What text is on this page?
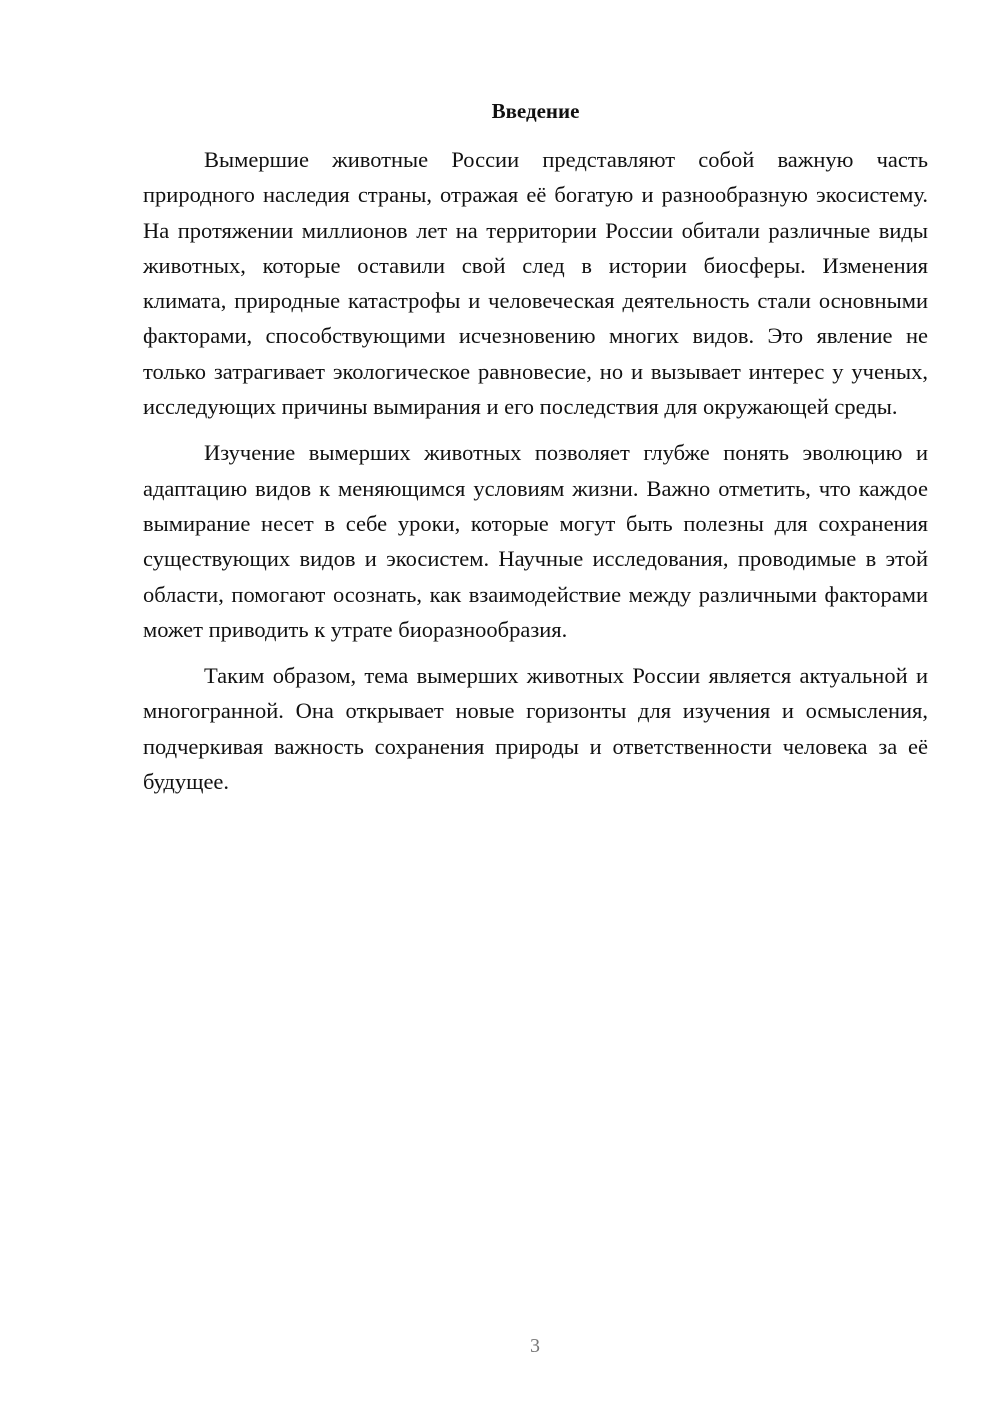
Введение

Вымершие животные России представляют собой важную часть природного наследия страны, отражая её богатую и разнообразную экосистему. На протяжении миллионов лет на территории России обитали различные виды животных, которые оставили свой след в истории биосферы. Изменения климата, природные катастрофы и человеческая деятельность стали основными факторами, способствующими исчезновению многих видов. Это явление не только затрагивает экологическое равновесие, но и вызывает интерес у ученых, исследующих причины вымирания и его последствия для окружающей среды.

Изучение вымерших животных позволяет глубже понять эволюцию и адаптацию видов к меняющимся условиям жизни. Важно отметить, что каждое вымирание несет в себе уроки, которые могут быть полезны для сохранения существующих видов и экосистем. Научные исследования, проводимые в этой области, помогают осознать, как взаимодействие между различными факторами может приводить к утрате биоразнообразия.

Таким образом, тема вымерших животных России является актуальной и многогранной. Она открывает новые горизонты для изучения и осмысления, подчеркивая важность сохранения природы и ответственности человека за её будущее.

3
